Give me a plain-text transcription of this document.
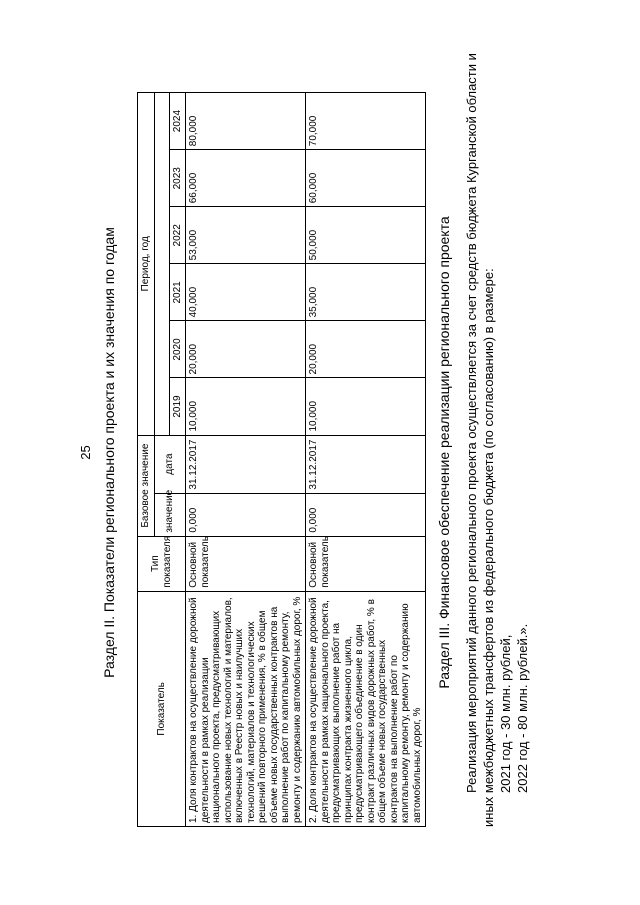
25 Раздел II. Показатели регионального проекта и их значения по годам
Показатель	Тип показателя	Базовое значение		Период, год					
		значение	дата						
				2019	2020	2021	2022	2023	2024
1. Доля контрактов на осуществление дорожной деятельности в рамках реализации национального проекта, предусматривающих использование новых технологий и материалов, включенных в Реестр новых и наилучших технологий, материалов и технологических решений повторного применения, % в общем объеме новых государственных контрактов на выполнение работ по капитальному ремонту, ремонту и содержанию автомобильных дорог, %	Основной показатель	0,000	31.12.2017	10,000	20,000	40,000	53,000	66,000	80,000
2. Доля контрактов на осуществление дорожной деятельности в рамках национального проекта, предусматривающих выполнение работ на принципах контракта жизненного цикла, предусматривающего объединение в один контракт различных видов дорожных работ, % в общем объеме новых государственных контрактов на выполнение работ по капитальному ремонту, ремонту и содержанию автомобильных дорог, %	Основной показатель	0,000	31.12.2017	10,000	20,000	35,000	50,000	60,000	70,000
Раздел III. Финансовое обеспечение реализации регионального проекта Реализация мероприятий данного регионального проекта осуществляется за счет средств бюджета Курганской области и иных межбюджетных трансфертов из федерального бюджета (по согласованию) в размере: 2021 год - 30 млн. рублей, 2022 год - 80 млн. рублей.».
